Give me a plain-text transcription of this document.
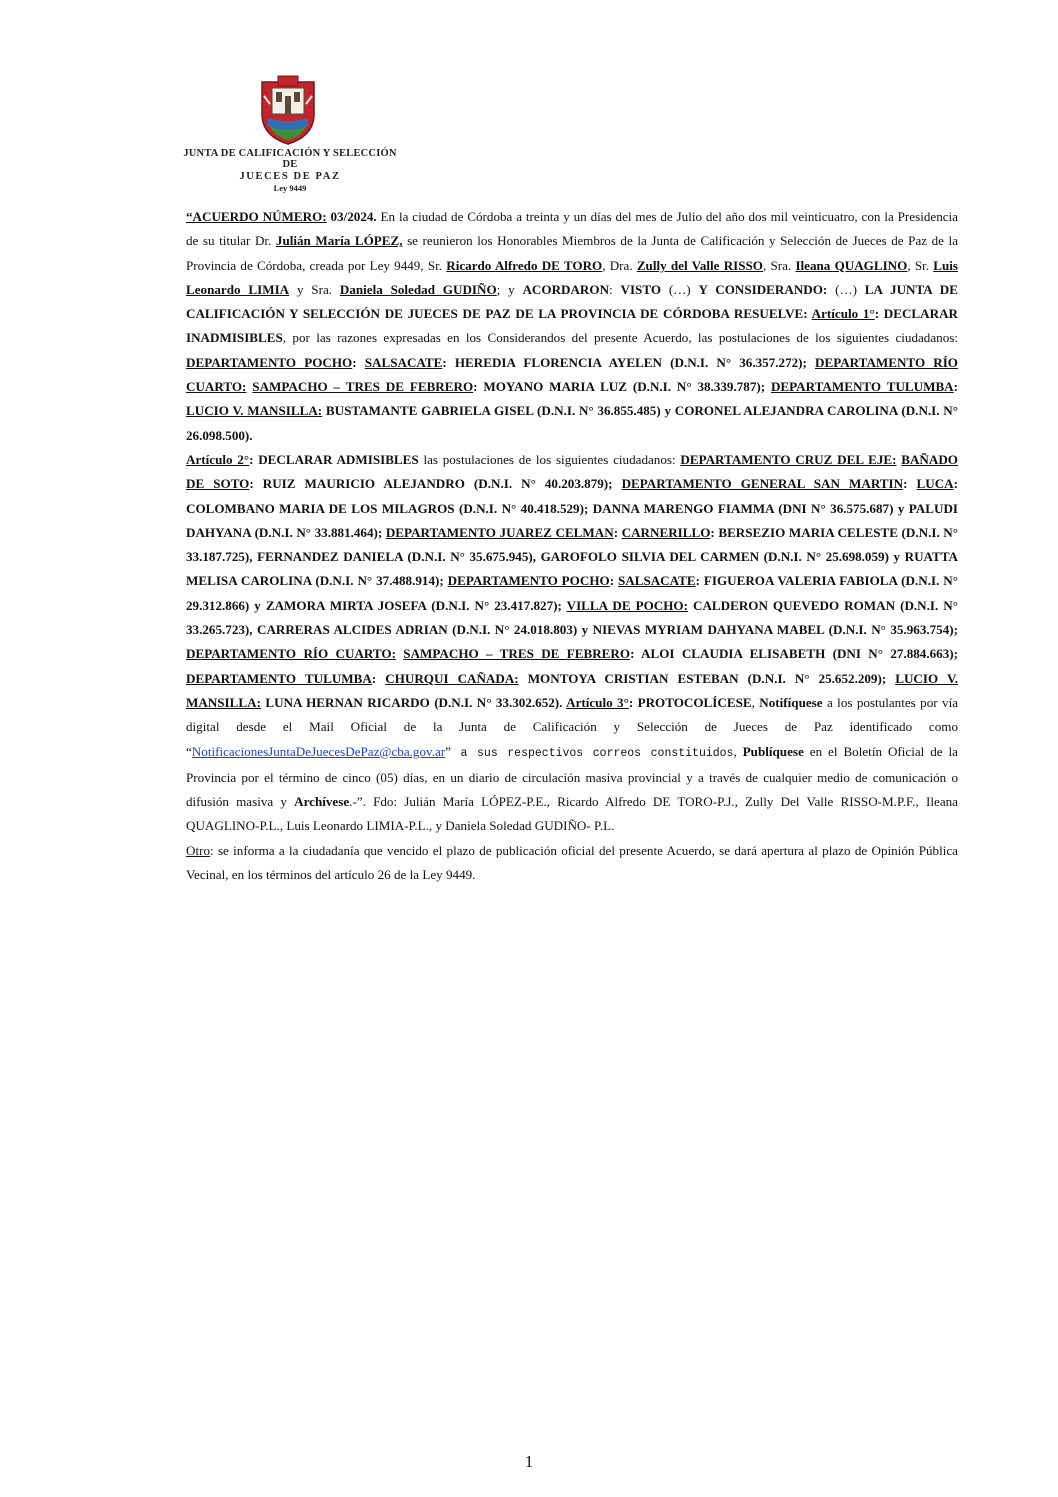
JUNTA DE CALIFICACIÓN Y SELECCIÓN DE
JUECES DE PAZ
Ley 9449

“ACUERDO NÚMERO: 03/2024. En la ciudad de Córdoba a treinta y un días del mes de Julio del año dos mil veinticuatro, con la Presidencia de su titular Dr. Julián María LÓPEZ, se reunieron los Honorables Miembros de la Junta de Calificación y Selección de Jueces de Paz de la Provincia de Córdoba, creada por Ley 9449, Sr. Ricardo Alfredo DE TORO, Dra. Zully del Valle RISSO, Sra. Ileana QUAGLINO, Sr. Luis Leonardo LIMIA y Sra. Daniela Soledad GUDIÑO; y ACORDARON: VISTO (…) Y CONSIDERANDO: (…) LA JUNTA DE CALIFICACIÓN Y SELECCIÓN DE JUECES DE PAZ DE LA PROVINCIA DE CÓRDOBA RESUELVE: Artículo 1°: DECLARAR INADMISIBLES, por las razones expresadas en los Considerandos del presente Acuerdo, las postulaciones de los siguientes ciudadanos: DEPARTAMENTO POCHO: SALSACATE: HEREDIA FLORENCIA AYELEN (D.N.I. N° 36.357.272); DEPARTAMENTO RÍO CUARTO: SAMPACHO – TRES DE FEBRERO: MOYANO MARIA LUZ (D.N.I. N° 38.339.787); DEPARTAMENTO TULUMBA: LUCIO V. MANSILLA: BUSTAMANTE GABRIELA GISEL (D.N.I. N° 36.855.485) y CORONEL ALEJANDRA CAROLINA (D.N.I. N° 26.098.500).

Artículo 2°: DECLARAR ADMISIBLES las postulaciones de los siguientes ciudadanos: DEPARTAMENTO CRUZ DEL EJE: BAÑADO DE SOTO: RUIZ MAURICIO ALEJANDRO (D.N.I. N° 40.203.879); DEPARTAMENTO GENERAL SAN MARTIN: LUCA: COLOMBANO MARIA DE LOS MILAGROS (D.N.I. N° 40.418.529); DANNA MARENGO FIAMMA (DNI N° 36.575.687) y PALUDI DAHYANA (D.N.I. N° 33.881.464); DEPARTAMENTO JUAREZ CELMAN: CARNERILLO: BERSEZIO MARIA CELESTE (D.N.I. N° 33.187.725), FERNANDEZ DANIELA (D.N.I. N° 35.675.945), GAROFOLO SILVIA DEL CARMEN (D.N.I. N° 25.698.059) y RUATTA MELISA CAROLINA (D.N.I. N° 37.488.914); DEPARTAMENTO POCHO: SALSACATE: FIGUEROA VALERIA FABIOLA (D.N.I. N° 29.312.866) y ZAMORA MIRTA JOSEFA (D.N.I. N° 23.417.827); VILLA DE POCHO: CALDERON QUEVEDO ROMAN (D.N.I. N° 33.265.723), CARRERAS ALCIDES ADRIAN (D.N.I. N° 24.018.803) y NIEVAS MYRIAM DAHYANA MABEL (D.N.I. N° 35.963.754); DEPARTAMENTO RÍO CUARTO: SAMPACHO – TRES DE FEBRERO: ALOI CLAUDIA ELISABETH (DNI N° 27.884.663); DEPARTAMENTO TULUMBA: CHURQUI CAÑADA: MONTOYA CRISTIAN ESTEBAN (D.N.I. N° 25.652.209); LUCIO V. MANSILLA: LUNA HERNAN RICARDO (D.N.I. N° 33.302.652). Artículo 3°: PROTOCOLÍCESE, Notifíquese a los postulantes por vía digital desde el Mail Oficial de la Junta de Calificación y Selección de Jueces de Paz identificado como “NotificacionesJuntaDeJuecesDePaz@cba.gov.ar” a sus respectivos correos constituidos, Publíquese en el Boletín Oficial de la Provincia por el término de cinco (05) días, en un diario de circulación masiva provincial y a través de cualquier medio de comunicación o difusión masiva y Archívese.-”. Fdo: Julián María LÓPEZ-P.E., Ricardo Alfredo DE TORO-P.J., Zully Del Valle RISSO-M.P.F., Ileana QUAGLINO-P.L., Luis Leonardo LIMIA-P.L., y Daniela Soledad GUDIÑO- P.L.

Otro: se informa a la ciudadanía que vencido el plazo de publicación oficial del presente Acuerdo, se dará apertura al plazo de Opinión Pública Vecinal, en los términos del artículo 26 de la Ley 9449.

1
